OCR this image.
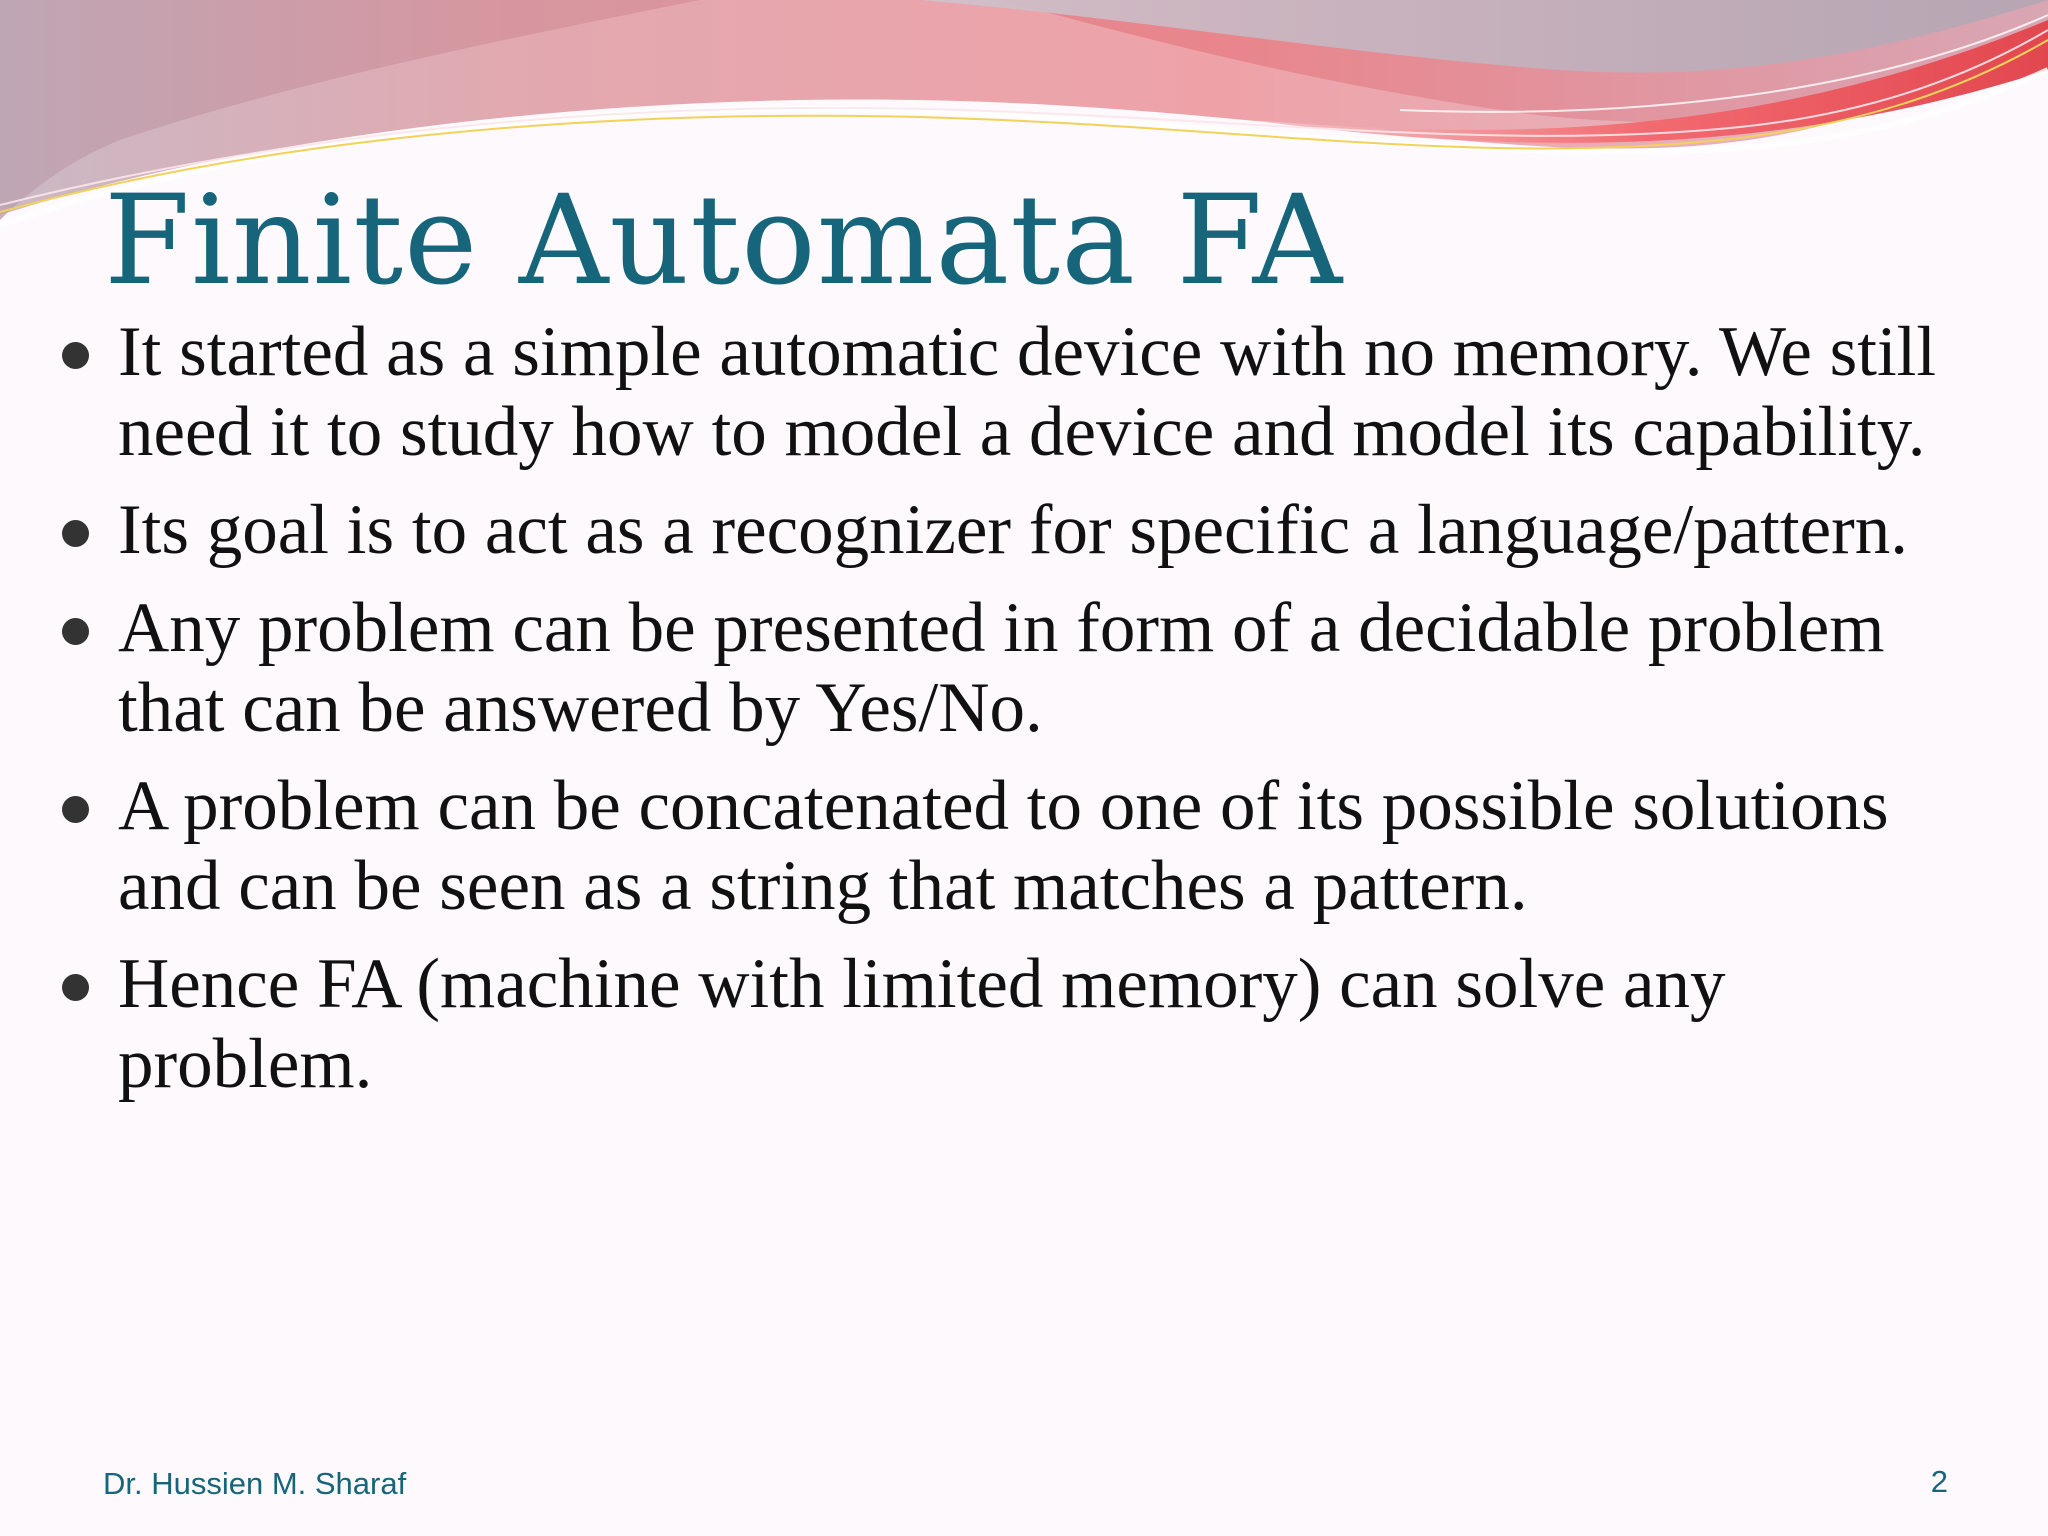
Finite Automata FA
It started as a simple automatic device with no memory. We still need it to study how to model a device and model its capability.
Its goal is to act as a recognizer for specific a language/pattern.
Any problem can be presented in form of a decidable problem that can be answered by Yes/No.
A problem can be concatenated to one of its possible solutions and can be seen as a string that matches a pattern.
Hence FA (machine with limited memory) can solve any problem.
Dr. Hussien M. Sharaf	2
